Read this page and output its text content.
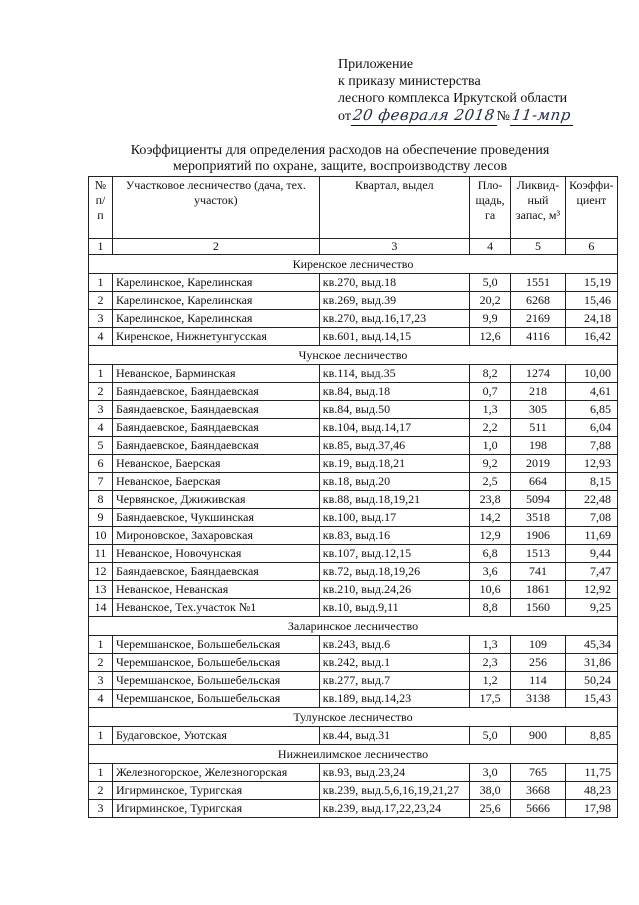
Приложение
к приказу министерства
лесного комплекса Иркутской области
от 20 февраля 2018 № 11-мпр
Коэффициенты для определения расходов на обеспечение проведения
мероприятий по охране, защите, воспроизводству лесов
№ п/ п	Участковое лесничество (дача, тех. участок)	Квартал, выдел	Пло- щадь, га	Ликвид- ный запас, м³	Коэффи- циент
1	2	3	4	5	6
Киренское лесничество					
1	Карелинское, Карелинская	кв.270, выд.18	5,0	1551	15,19
2	Карелинское, Карелинская	кв.269, выд.39	20,2	6268	15,46
3	Карелинское, Карелинская	кв.270, выд.16,17,23	9,9	2169	24,18
4	Киренское, Нижнетунгусская	кв.601, выд.14,15	12,6	4116	16,42
Чунское лесничество					
1	Неванское, Барминская	кв.114, выд.35	8,2	1274	10,00
2	Баяндаевское, Баяндаевская	кв.84, выд.18	0,7	218	4,61
3	Баяндаевское, Баяндаевская	кв.84, выд.50	1,3	305	6,85
4	Баяндаевское, Баяндаевская	кв.104, выд.14,17	2,2	511	6,04
5	Баяндаевское, Баяндаевская	кв.85, выд.37,46	1,0	198	7,88
6	Неванское, Баерская	кв.19, выд.18,21	9,2	2019	12,93
7	Неванское, Баерская	кв.18, выд.20	2,5	664	8,15
8	Червянское, Джиживская	кв.88, выд.18,19,21	23,8	5094	22,48
9	Баяндаевское, Чукшинская	кв.100, выд.17	14,2	3518	7,08
10	Мироновское, Захаровская	кв.83, выд.16	12,9	1906	11,69
11	Неванское, Новочунская	кв.107, выд.12,15	6,8	1513	9,44
12	Баяндаевское, Баяндаевская	кв.72, выд.18,19,26	3,6	741	7,47
13	Неванское, Неванская	кв.210, выд.24,26	10,6	1861	12,92
14	Неванское, Тех.участок №1	кв.10, выд.9,11	8,8	1560	9,25
Заларинское лесничество					
1	Черемшанское, Большебельская	кв.243, выд.6	1,3	109	45,34
2	Черемшанское, Большебельская	кв.242, выд.1	2,3	256	31,86
3	Черемшанское, Большебельская	кв.277, выд.7	1,2	114	50,24
4	Черемшанское, Большебельская	кв.189, выд.14,23	17,5	3138	15,43
Тулунское лесничество					
1	Будаговское, Уютская	кв.44, выд.31	5,0	900	8,85
Нижнеилимское лесничество					
1	Железногорское, Железногорская	кв.93, выд.23,24	3,0	765	11,75
2	Игирминское, Туригская	кв.239, выд.5,6,16,19,21,27	38,0	3668	48,23
3	Игирминское, Туригская	кв.239, выд.17,22,23,24	25,6	5666	17,98
